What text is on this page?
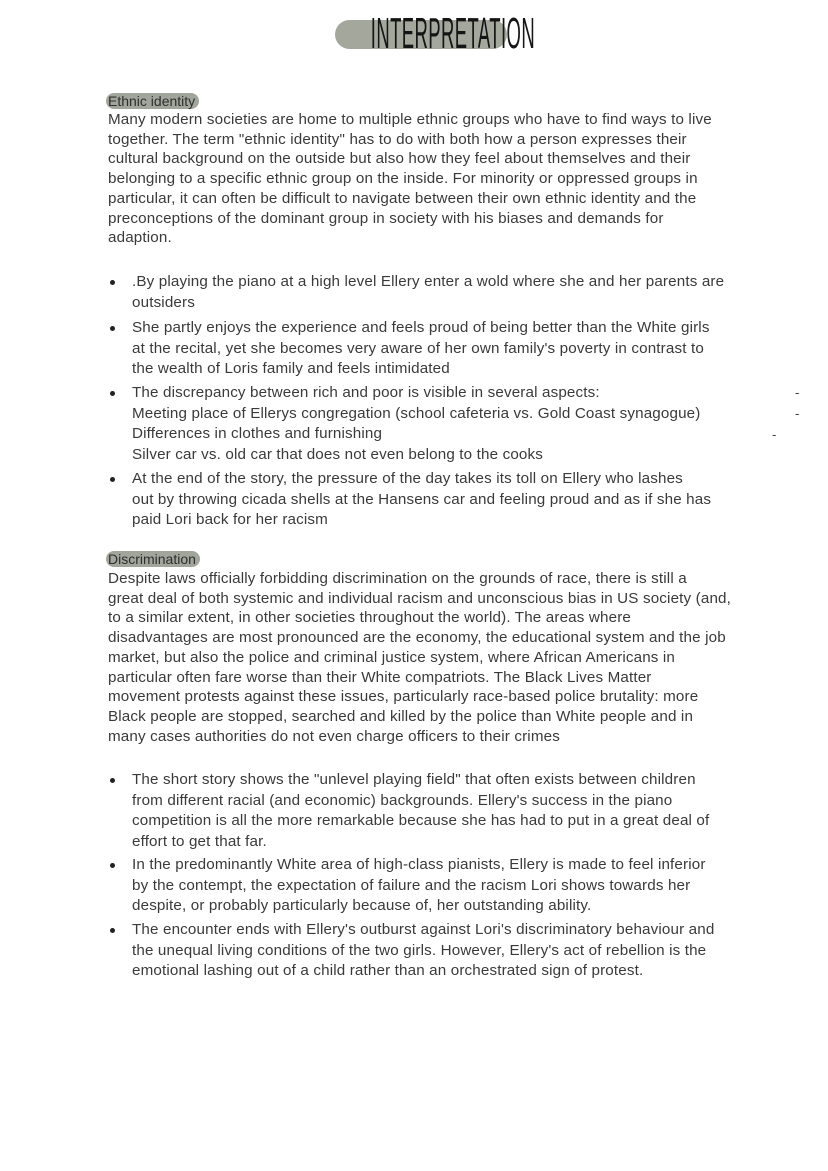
INTERPRETATION
Ethnic identity
Many modern societies are home to multiple ethnic groups who have to find ways to live
together. The term "ethnic identity" has to do with both how a person expresses their
cultural background on the outside but also how they feel about themselves and their
belonging to a specific ethnic group on the inside. For minority or oppressed groups in
particular, it can often be difficult to navigate between their own ethnic identity and the
preconceptions of the dominant group in society with his biases and demands for
adaption.
.By playing the piano at a high level Ellery enter a wold where she and her parents are
outsiders
She partly enjoys the experience and feels proud of being better than the White girls
at the recital, yet she becomes very aware of her own family's poverty in contrast to
the wealth of Loris family and feels intimidated
The discrepancy between rich and poor is visible in several aspects:
Meeting place of Ellerys congregation (school cafeteria vs. Gold Coast synagogue)
Differences in clothes and furnishing
Silver car vs. old car that does not even belong to the cooks
At the end of the story, the pressure of the day takes its toll on Ellery who lashes
out by throwing cicada shells at the Hansens car and feeling proud and as if she has
paid Lori back for her racism
-
-
-
Discrimination
Despite laws officially forbidding discrimination on the grounds of race, there is still a
great deal of both systemic and individual racism and unconscious bias in US society (and,
to a similar extent, in other societies throughout the world). The areas where
disadvantages are most pronounced are the economy, the educational system and the job
market, but also the police and criminal justice system, where African Americans in
particular often fare worse than their White compatriots. The Black Lives Matter
movement protests against these issues, particularly race-based police brutality: more
Black people are stopped, searched and killed by the police than White people and in
many cases authorities do not even charge officers to their crimes
The short story shows the "unlevel playing field" that often exists between children
from different racial (and economic) backgrounds. Ellery's success in the piano
competition is all the more remarkable because she has had to put in a great deal of
effort to get that far.
In the predominantly White area of high-class pianists, Ellery is made to feel inferior
by the contempt, the expectation of failure and the racism Lori shows towards her
despite, or probably particularly because of, her outstanding ability.
The encounter ends with Ellery's outburst against Lori's discriminatory behaviour and
the unequal living conditions of the two girls. However, Ellery's act of rebellion is the
emotional lashing out of a child rather than an orchestrated sign of protest.
